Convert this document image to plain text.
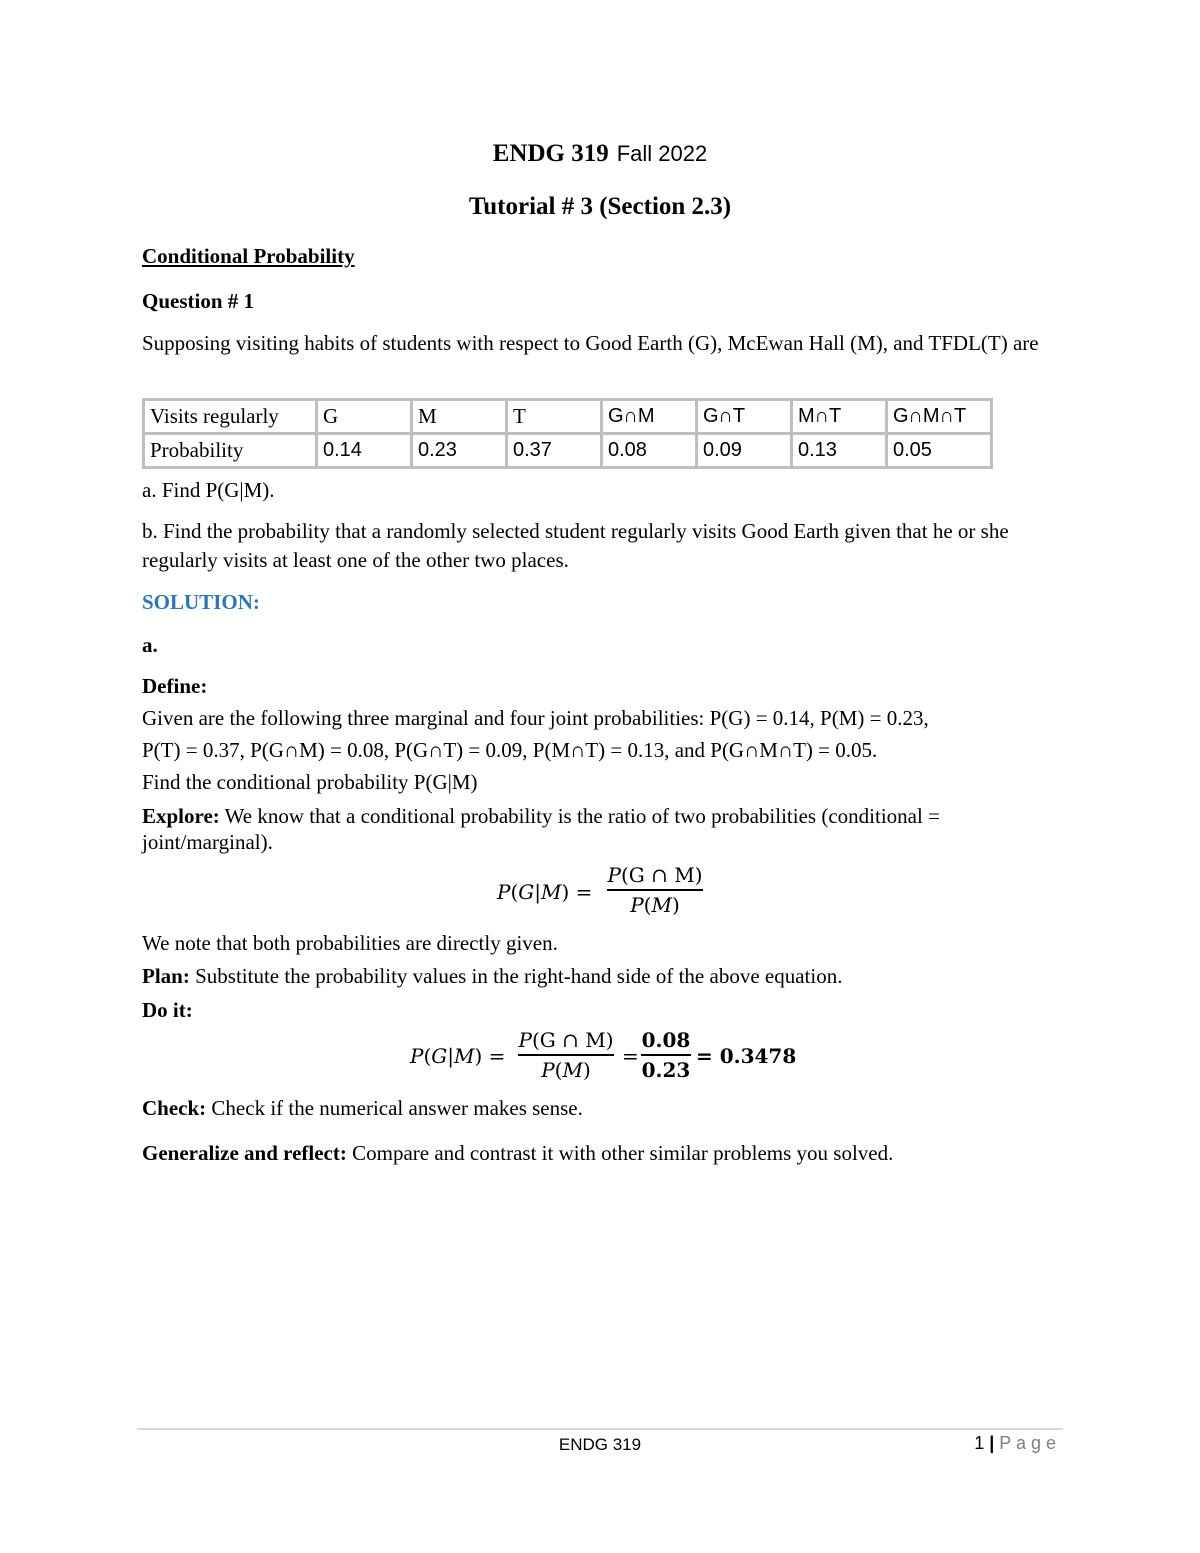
ENDG 319 Fall 2022
Tutorial # 3 (Section 2.3)
Conditional Probability
Question # 1
Supposing visiting habits of students with respect to Good Earth (G), McEwan Hall (M), and TFDL(T) are
Visits regularly	G	M	T	G∩M	G∩T	M∩T	G∩M∩T
Probability	0.14	0.23	0.37	0.08	0.09	0.13	0.05
a. Find P(G|M).
b. Find the probability that a randomly selected student regularly visits Good Earth given that he or she regularly visits at least one of the other two places.
SOLUTION:
a.
Define:
Given are the following three marginal and four joint probabilities: P(G) = 0.14, P(M) = 0.23,
P(T) = 0.37, P(G∩M) = 0.08, P(G∩T) = 0.09, P(M∩T) = 0.13, and P(G∩M∩T) = 0.05.
Find the conditional probability P(G|M)
Explore: We know that a conditional probability is the ratio of two probabilities (conditional = joint/marginal).
𝑃(𝐺|𝑀) =
𝑃(G ∩ M)
𝑃(𝑀)
We note that both probabilities are directly given.
Plan: Substitute the probability values in the right-hand side of the above equation.
Do it:
𝑃(𝐺|𝑀) =
𝑃(G ∩ M)
𝑃(𝑀)
=
0.08
0.23
= 0.3478
Check: Check if the numerical answer makes sense.
Generalize and reflect: Compare and contrast it with other similar problems you solved.
ENDG 319	1 | P a g e
